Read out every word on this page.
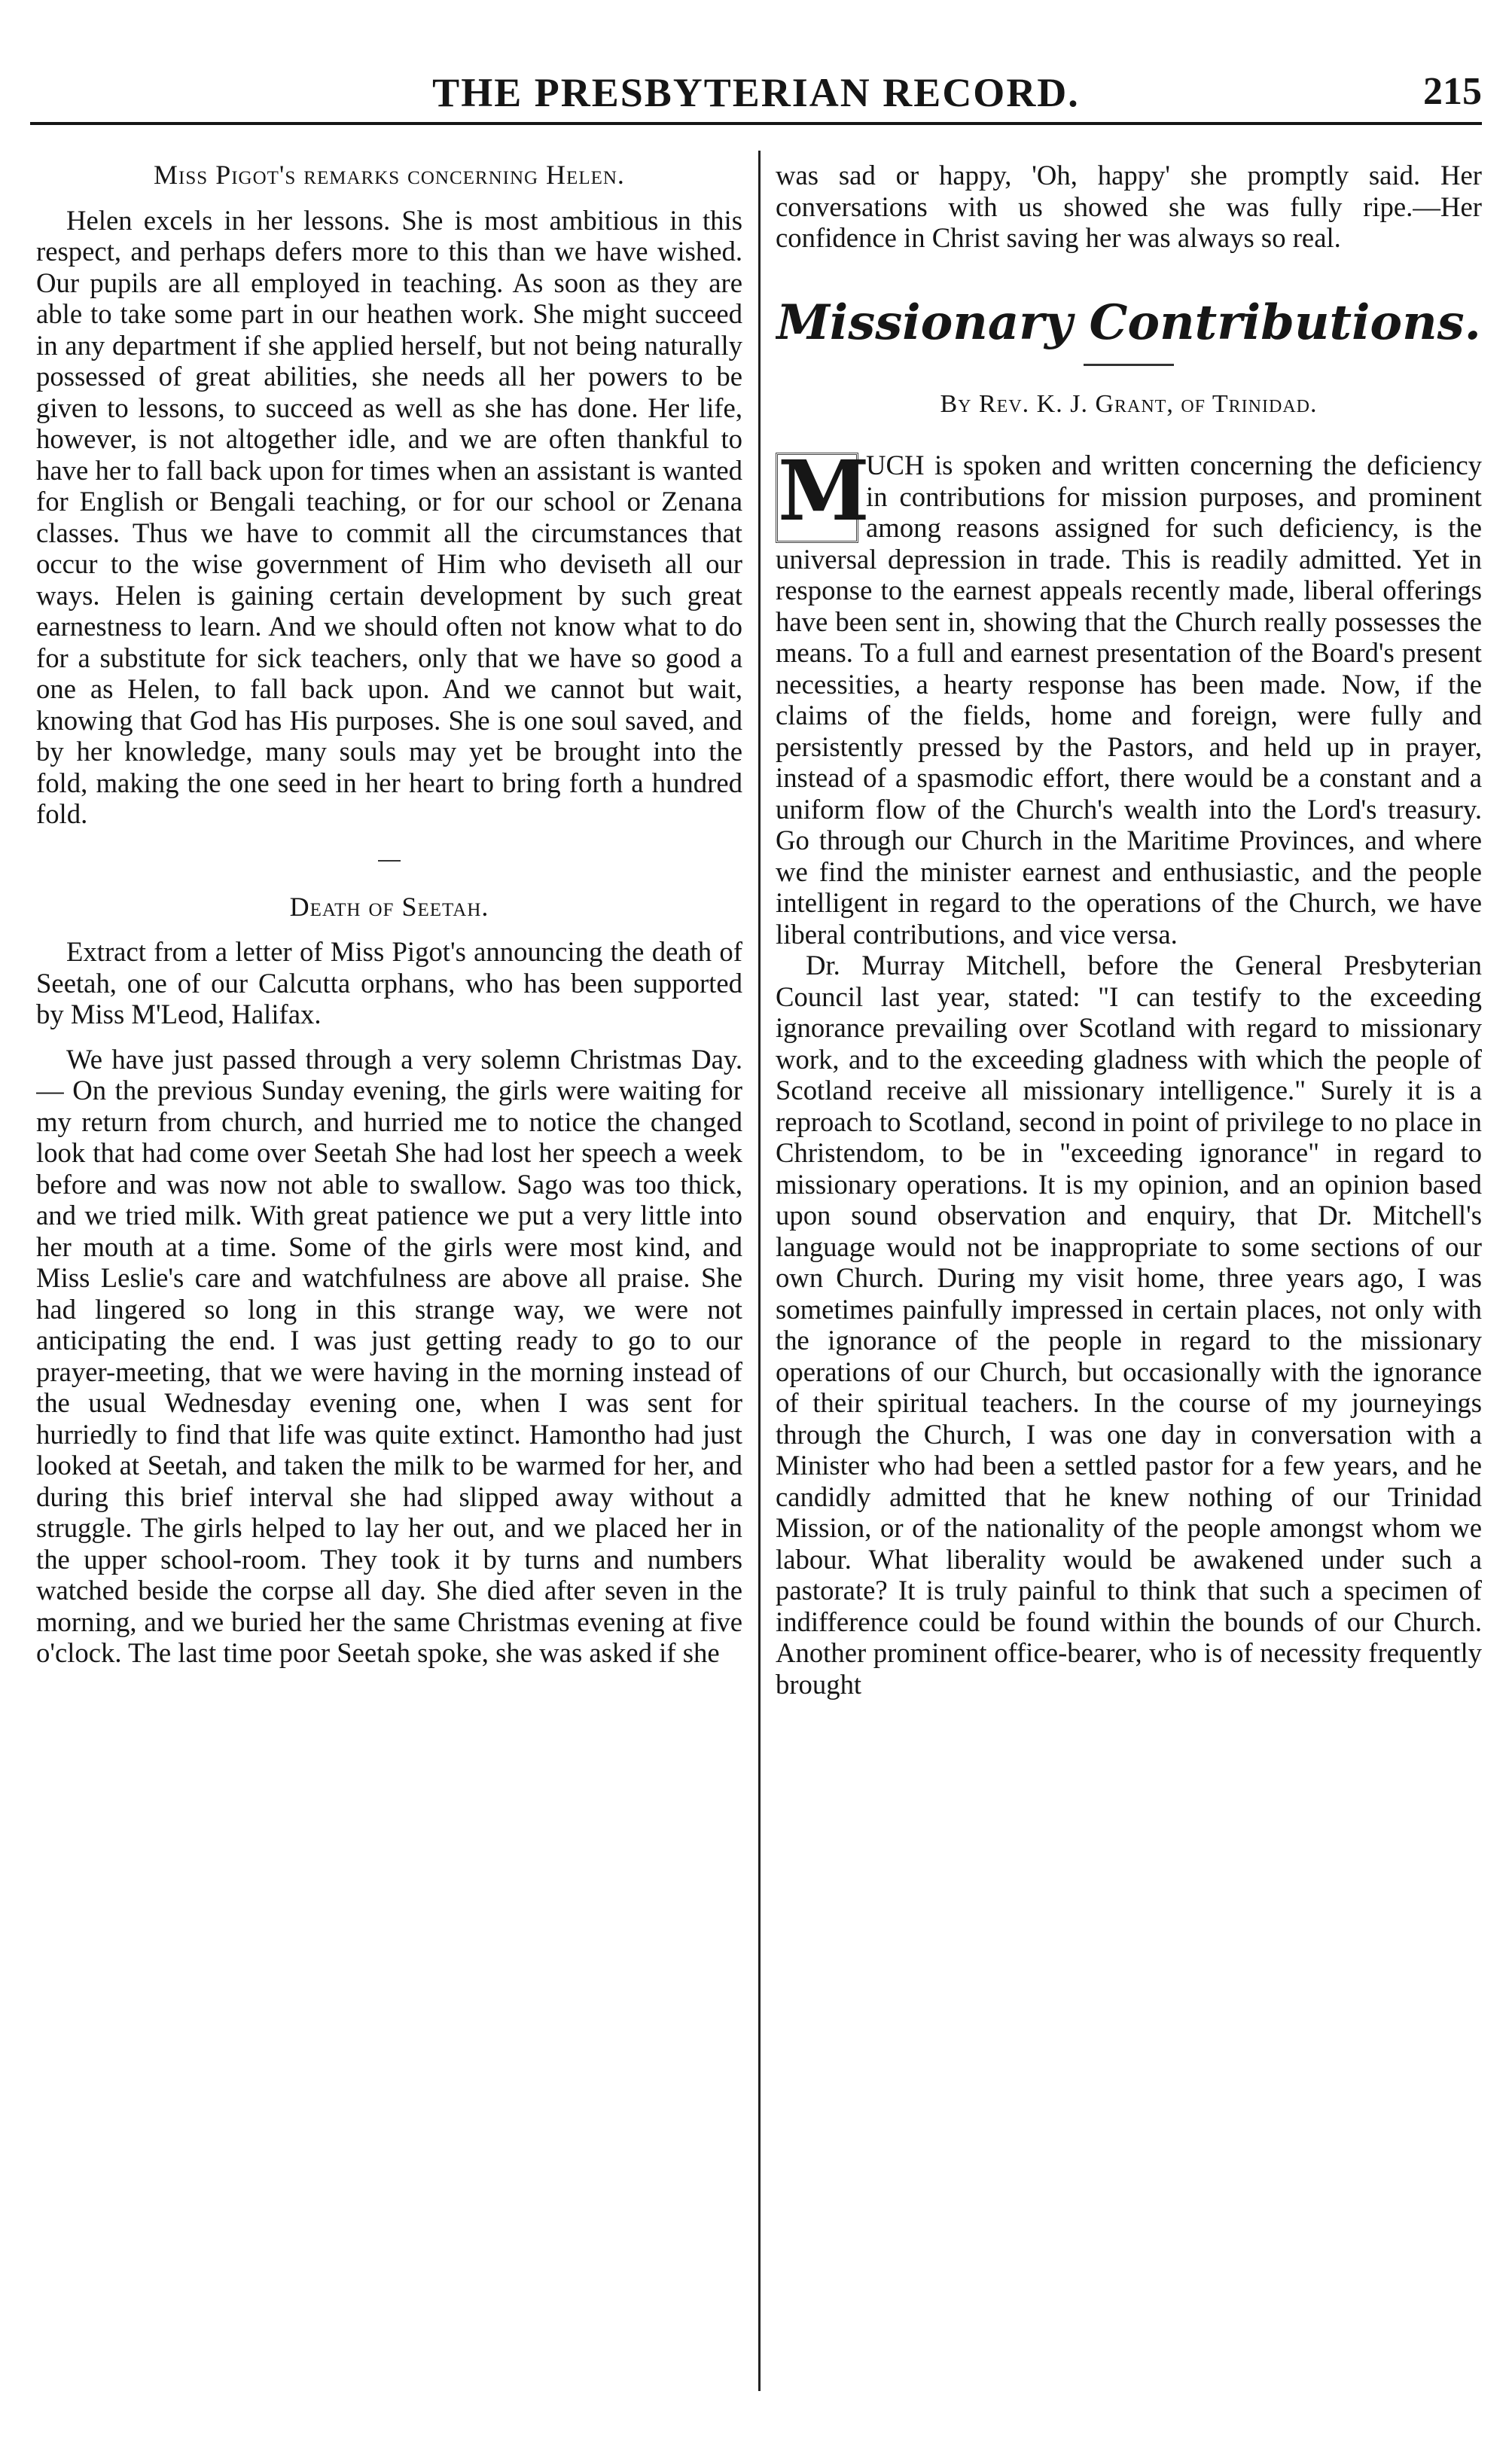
THE PRESBYTERIAN RECORD.	215
Miss Pigot's remarks concerning Helen.

Helen excels in her lessons. She is most ambitious in this respect, and perhaps defers more to this than we have wished. Our pupils are all employed in teaching. As soon as they are able to take some part in our heathen work. She might succeed in any department if she applied herself, but not being naturally possessed of great abilities, she needs all her powers to be given to lessons, to succeed as well as she has done. Her life, however, is not altogether idle, and we are often thankful to have her to fall back upon for times when an assistant is wanted for English or Bengali teaching, or for our school or Zenana classes. Thus we have to commit all the circumstances that occur to the wise government of Him who deviseth all our ways. Helen is gaining certain development by such great earnestness to learn. And we should often not know what to do for a substitute for sick teachers, only that we have so good a one as Helen, to fall back upon. And we cannot but wait, knowing that God has His purposes. She is one soul saved, and by her knowledge, many souls may yet be brought into the fold, making the one seed in her heart to bring forth a hundred fold.

Death of Seetah.

Extract from a letter of Miss Pigot's announcing the death of Seetah, one of our Calcutta orphans, who has been supported by Miss M'Leod, Halifax.

We have just passed through a very solemn Christmas Day.— On the previous Sunday evening, the girls were waiting for my return from church, and hurried me to notice the changed look that had come over Seetah She had lost her speech a week before and was now not able to swallow. Sago was too thick, and we tried milk. With great patience we put a very little into her mouth at a time. Some of the girls were most kind, and Miss Leslie's care and watchfulness are above all praise. She had lingered so long in this strange way, we were not anticipating the end. I was just getting ready to go to our prayer-meeting, that we were having in the morning instead of the usual Wednesday evening one, when I was sent for hurriedly to find that life was quite extinct. Hamontho had just looked at Seetah, and taken the milk to be warmed for her, and during this brief interval she had slipped away without a struggle. The girls helped to lay her out, and we placed her in the upper school-room. They took it by turns and numbers watched beside the corpse all day. She died after seven in the morning, and we buried her the same Christmas evening at five o'clock. The last time poor Seetah spoke, she was asked if she

was sad or happy, 'Oh, happy' she promptly said. Her conversations with us showed she was fully ripe.—Her confidence in Christ saving her was always so real.

Missionary Contributions.
By Rev. K. J. Grant, of Trinidad.
M

UCH is spoken and written concerning the deficiency in contributions for mission purposes, and prominent among reasons assigned for such deficiency, is the universal depression in trade. This is readily admitted. Yet in response to the earnest appeals recently made, liberal offerings have been sent in, showing that the Church really possesses the means. To a full and earnest presentation of the Board's present necessities, a hearty response has been made. Now, if the claims of the fields, home and foreign, were fully and persistently pressed by the Pastors, and held up in prayer, instead of a spasmodic effort, there would be a constant and a uniform flow of the Church's wealth into the Lord's treasury. Go through our Church in the Maritime Provinces, and where we find the minister earnest and enthusiastic, and the people intelligent in regard to the operations of the Church, we have liberal contributions, and vice versa.

Dr. Murray Mitchell, before the General Presbyterian Council last year, stated: "I can testify to the exceeding ignorance prevailing over Scotland with regard to missionary work, and to the exceeding gladness with which the people of Scotland receive all missionary intelligence." Surely it is a reproach to Scotland, second in point of privilege to no place in Christendom, to be in "exceeding ignorance" in regard to missionary operations. It is my opinion, and an opinion based upon sound observation and enquiry, that Dr. Mitchell's language would not be inappropriate to some sections of our own Church. During my visit home, three years ago, I was sometimes painfully impressed in certain places, not only with the ignorance of the people in regard to the missionary operations of our Church, but occasionally with the ignorance of their spiritual teachers. In the course of my journeyings through the Church, I was one day in conversation with a Minister who had been a settled pastor for a few years, and he candidly admitted that he knew nothing of our Trinidad Mission, or of the nationality of the people amongst whom we labour. What liberality would be awakened under such a pastorate? It is truly painful to think that such a specimen of indifference could be found within the bounds of our Church. Another prominent office-bearer, who is of necessity frequently brought
